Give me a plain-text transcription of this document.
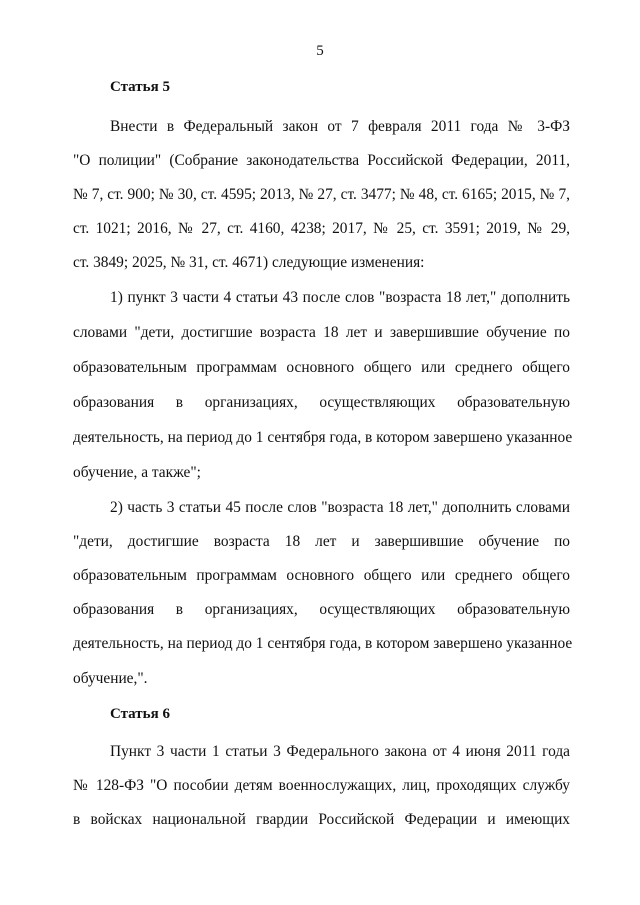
5
Статья 5
Внести в Федеральный закон от 7 февраля 2011 года № 3-ФЗ
"О полиции" (Собрание законодательства Российской Федерации, 2011,
№ 7, ст. 900; № 30, ст. 4595; 2013, № 27, ст. 3477; № 48, ст. 6165; 2015, № 7,
ст. 1021; 2016, № 27, ст. 4160, 4238; 2017, № 25, ст. 3591; 2019, № 29,
ст. 3849; 2025, № 31, ст. 4671) следующие изменения:
1) пункт 3 части 4 статьи 43 после слов "возраста 18 лет," дополнить
словами "дети, достигшие возраста 18 лет и завершившие обучение по
образовательным программам основного общего или среднего общего
образования в организациях, осуществляющих образовательную
деятельность, на период до 1 сентября года, в котором завершено указанное
обучение, а также";
2) часть 3 статьи 45 после слов "возраста 18 лет," дополнить словами
"дети, достигшие возраста 18 лет и завершившие обучение по
образовательным программам основного общего или среднего общего
образования в организациях, осуществляющих образовательную
деятельность, на период до 1 сентября года, в котором завершено указанное
обучение,".
Статья 6
Пункт 3 части 1 статьи 3 Федерального закона от 4 июня 2011 года
№ 128-ФЗ "О пособии детям военнослужащих, лиц, проходящих службу
в войсках национальной гвардии Российской Федерации и имеющих
